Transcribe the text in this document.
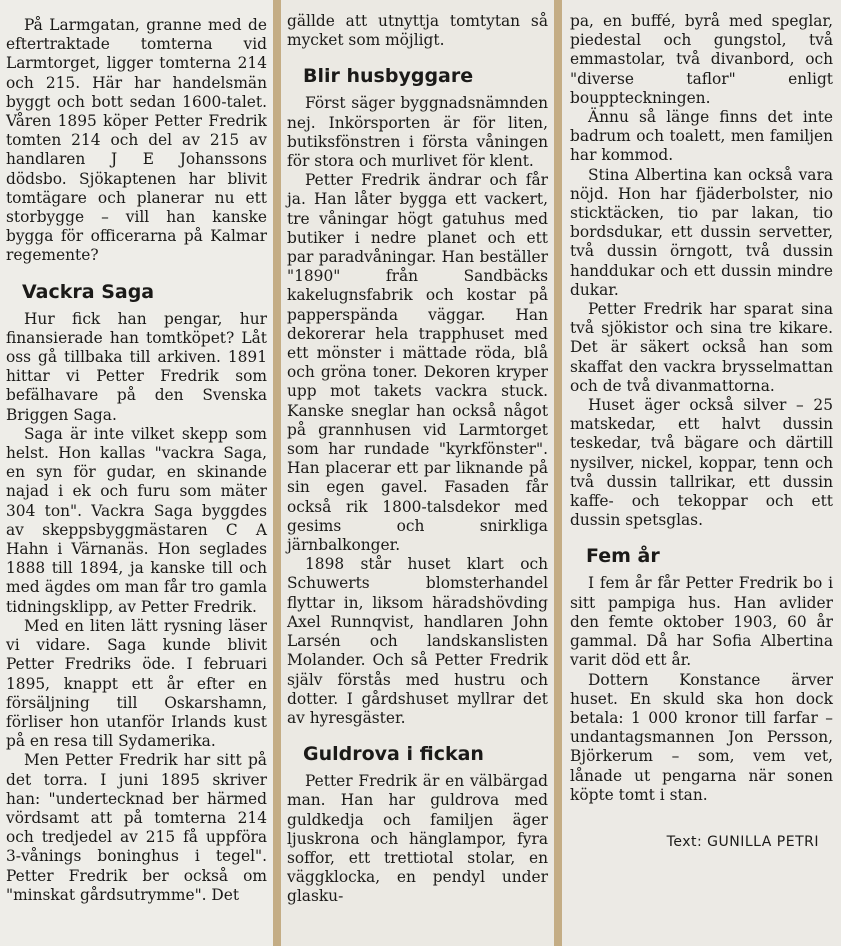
På Larmgatan, granne med de eftertraktade tomterna vid Larmtorget, ligger tomterna 214 och 215. Här har handelsmän byggt och bott sedan 1600-talet. Våren 1895 köper Petter Fredrik tomten 214 och del av 215 av handlaren J E Johanssons dödsbo. Sjökaptenen har blivit tomtägare och planerar nu ett storbygge – vill han kanske bygga för officerarna på Kalmar regemente?

Vackra Saga

Hur fick han pengar, hur finansierade han tomtköpet? Låt oss gå tillbaka till arkiven. 1891 hittar vi Petter Fredrik som befälhavare på den Svenska Briggen Saga.

Saga är inte vilket skepp som helst. Hon kallas "vackra Saga, en syn för gudar, en skinande najad i ek och furu som mäter 304 ton". Vackra Saga byggdes av skeppsbyggmästaren C A Hahn i Värnanäs. Hon seglades 1888 till 1894, ja kanske till och med ägdes om man får tro gamla tidningsklipp, av Petter Fredrik.

Med en liten lätt rysning läser vi vidare. Saga kunde blivit Petter Fredriks öde. I februari 1895, knappt ett år efter en försäljning till Oskarshamn, förliser hon utanför Irlands kust på en resa till Sydamerika.

Men Petter Fredrik har sitt på det torra. I juni 1895 skriver han: "undertecknad ber härmed vördsamt att på tomterna 214 och tredjedel av 215 få uppföra 3-vånings boninghus i tegel". Petter Fredrik ber också om "minskat gårdsutrymme". Det

gällde att utnyttja tomtytan så mycket som möjligt.

Blir husbyggare

Först säger byggnadsnämnden nej. Inkörsporten är för liten, butiksfönstren i första våningen för stora och murlivet för klent.

Petter Fredrik ändrar och får ja. Han låter bygga ett vackert, tre våningar högt gatuhus med butiker i nedre planet och ett par paradvåningar. Han beställer "1890" från Sandbäcks kakelugnsfabrik och kostar på papperspända väggar. Han dekorerar hela trapphuset med ett mönster i mättade röda, blå och gröna toner. Dekoren kryper upp mot takets vackra stuck. Kanske sneglar han också något på grannhusen vid Larmtorget som har rundade "kyrkfönster". Han placerar ett par liknande på sin egen gavel. Fasaden får också rik 1800-talsdekor med gesims och snirkliga järnbalkonger.

1898 står huset klart och Schuwerts blomsterhandel flyttar in, liksom häradshövding Axel Runnqvist, handlaren John Larsén och landskanslisten Molander. Och så Petter Fredrik själv förstås med hustru och dotter. I gårdshuset myllrar det av hyresgäster.

Guldrova i fickan

Petter Fredrik är en välbärgad man. Han har guldrova med guldkedja och familjen äger ljuskrona och hänglampor, fyra soffor, ett trettiotal stolar, en väggklocka, en pendyl under glasku-

pa, en buffé, byrå med speglar, piedestal och gungstol, två emmastolar, två divanbord, och "diverse taflor" enligt bouppteckningen.

Ännu så länge finns det inte badrum och toalett, men familjen har kommod.

Stina Albertina kan också vara nöjd. Hon har fjäderbolster, nio sticktäcken, tio par lakan, tio bordsdukar, ett dussin servetter, två dussin örngott, två dussin handdukar och ett dussin mindre dukar.

Petter Fredrik har sparat sina två sjökistor och sina tre kikare. Det är säkert också han som skaffat den vackra brysselmattan och de två divanmattorna.

Huset äger också silver – 25 matskedar, ett halvt dussin teskedar, två bägare och därtill nysilver, nickel, koppar, tenn och två dussin tallrikar, ett dussin kaffe- och tekoppar och ett dussin spetsglas.

Fem år

I fem år får Petter Fredrik bo i sitt pampiga hus. Han avlider den femte oktober 1903, 60 år gammal. Då har Sofia Albertina varit död ett år.

Dottern Konstance ärver huset. En skuld ska hon dock betala: 1 000 kronor till farfar – undantagsmannen Jon Persson, Björkerum – som, vem vet, lånade ut pengarna när sonen köpte tomt i stan.

Text: GUNILLA PETRI
